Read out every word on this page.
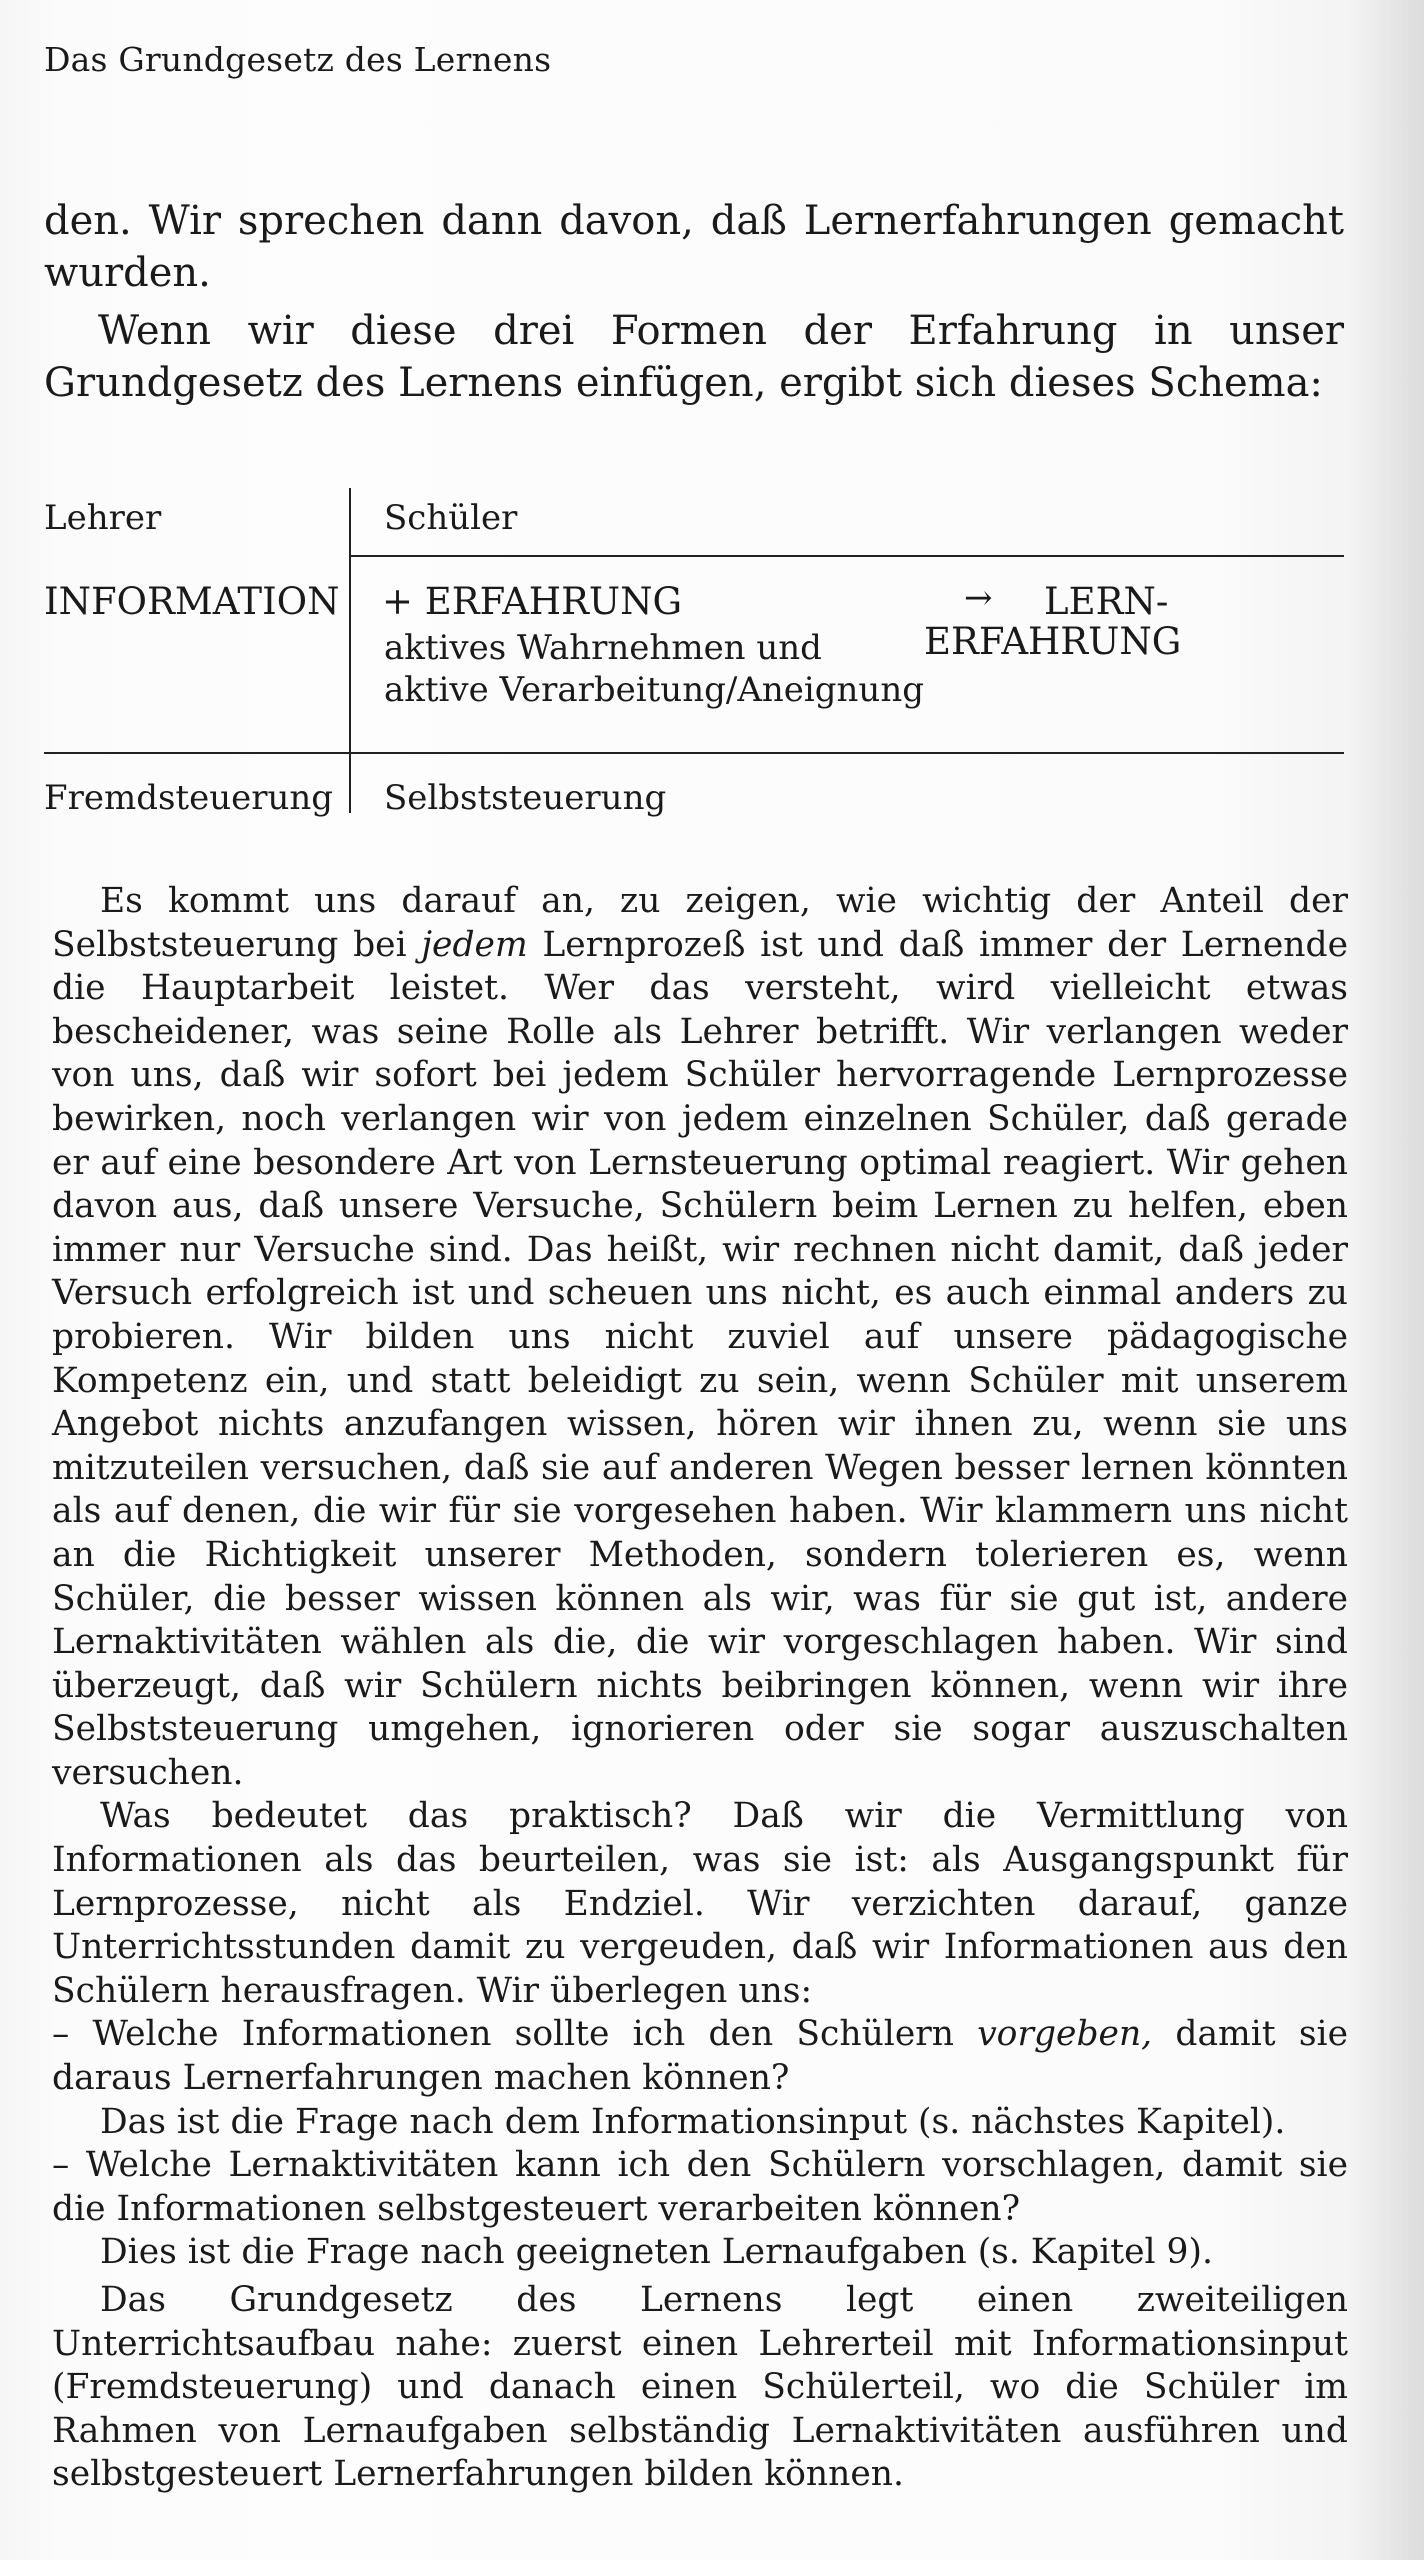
Das Grundgesetz des Lernens

den. Wir sprechen dann davon, daß Lernerfahrungen gemacht wurden.

Wenn wir diese drei Formen der Erfahrung in unser Grundgesetz des Lernens einfügen, ergibt sich dieses Schema:

Lehrer	Schüler
INFORMATION + ERFAHRUNG
aktives Wahrnehmen und
aktive Verarbeitung/Aneignung
→ LERN-
ERFAHRUNG
Fremdsteuerung Selbststeuerung

Es kommt uns darauf an, zu zeigen, wie wichtig der Anteil der Selbststeuerung bei jedem Lernprozeß ist und daß immer der Lernende die Hauptarbeit leistet. Wer das versteht, wird vielleicht etwas bescheidener, was seine Rolle als Lehrer betrifft. Wir verlangen weder von uns, daß wir sofort bei jedem Schüler hervorragende Lernprozesse bewirken, noch verlangen wir von jedem einzelnen Schüler, daß gerade er auf eine besondere Art von Lernsteuerung optimal reagiert. Wir gehen davon aus, daß unsere Versuche, Schülern beim Lernen zu helfen, eben immer nur Versuche sind. Das heißt, wir rechnen nicht damit, daß jeder Versuch erfolgreich ist und scheuen uns nicht, es auch einmal anders zu probieren. Wir bilden uns nicht zuviel auf unsere pädagogische Kompetenz ein, und statt beleidigt zu sein, wenn Schüler mit unserem Angebot nichts anzufangen wissen, hören wir ihnen zu, wenn sie uns mitzuteilen versuchen, daß sie auf anderen Wegen besser lernen könnten als auf denen, die wir für sie vorgesehen haben. Wir klammern uns nicht an die Richtigkeit unserer Methoden, sondern tolerieren es, wenn Schüler, die besser wissen können als wir, was für sie gut ist, andere Lernaktivitäten wählen als die, die wir vorgeschlagen haben. Wir sind überzeugt, daß wir Schülern nichts beibringen können, wenn wir ihre Selbststeuerung umgehen, ignorieren oder sie sogar auszuschalten versuchen.

Was bedeutet das praktisch? Daß wir die Vermittlung von Informationen als das beurteilen, was sie ist: als Ausgangspunkt für Lernprozesse, nicht als Endziel. Wir verzichten darauf, ganze Unterrichtsstunden damit zu vergeuden, daß wir Informationen aus den Schülern herausfragen. Wir überlegen uns:

– Welche Informationen sollte ich den Schülern vorgeben, damit sie daraus Lernerfahrungen machen können?

Das ist die Frage nach dem Informationsinput (s. nächstes Kapitel).

– Welche Lernaktivitäten kann ich den Schülern vorschlagen, damit sie die Informationen selbstgesteuert verarbeiten können?

Dies ist die Frage nach geeigneten Lernaufgaben (s. Kapitel 9).

Das Grundgesetz des Lernens legt einen zweiteiligen Unterrichtsaufbau nahe: zuerst einen Lehrerteil mit Informationsinput (Fremdsteuerung) und danach einen Schülerteil, wo die Schüler im Rahmen von Lernaufgaben selbständig Lernaktivitäten ausführen und selbstgesteuert Lernerfahrungen bilden können.
